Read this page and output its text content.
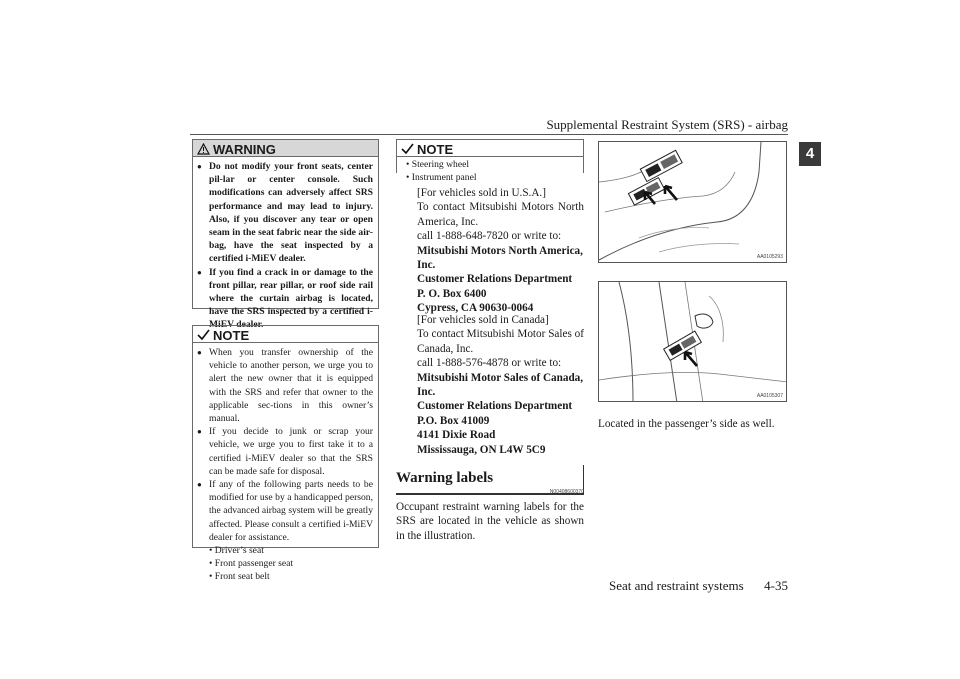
Supplemental Restraint System (SRS) - airbag
4
WARNING
● Do not modify your front seats, center pil-lar or center console. Such modifications can adversely affect SRS performance and may lead to injury. Also, if you discover any tear or open seam in the seat fabric near the side air-bag, have the seat inspected by a certified i-MiEV dealer.
● If you find a crack in or damage to the front pillar, rear pillar, or roof side rail where the curtain airbag is located, have the SRS inspected by a certified i-MiEV dealer.
NOTE
● When you transfer ownership of the vehicle to another person, we urge you to alert the new owner that it is equipped with the SRS and refer that owner to the applicable sec-tions in this owner’s manual.
● If you decide to junk or scrap your vehicle, we urge you to first take it to a certified i-MiEV dealer so that the SRS can be made safe for disposal.
● If any of the following parts needs to be modified for use by a handicapped person, the advanced airbag system will be greatly affected. Please consult a certified i-MiEV dealer for assistance.
• Driver’s seat
• Front passenger seat
• Front seat belt
NOTE
• Steering wheel
• Instrument panel
[For vehicles sold in U.S.A.]
To contact Mitsubishi Motors North America, Inc.
call 1-888-648-7820 or write to:
Mitsubishi Motors North America, Inc.
Customer Relations Department
P. O. Box 6400
Cypress, CA 90630-0064
[For vehicles sold in Canada]
To contact Mitsubishi Motor Sales of Canada, Inc.
call 1-888-576-4878 or write to:
Mitsubishi Motor Sales of Canada, Inc.
Customer Relations Department
P.O. Box 41009
4141 Dixie Road
Mississauga, ON L4W 5C9
Warning labels
N00408600370
Occupant restraint warning labels for the SRS are located in the vehicle as shown in the illustration.
AA0105293
AA0105307
Located in the passenger’s side as well.
Seat and restraint systems 4-35
